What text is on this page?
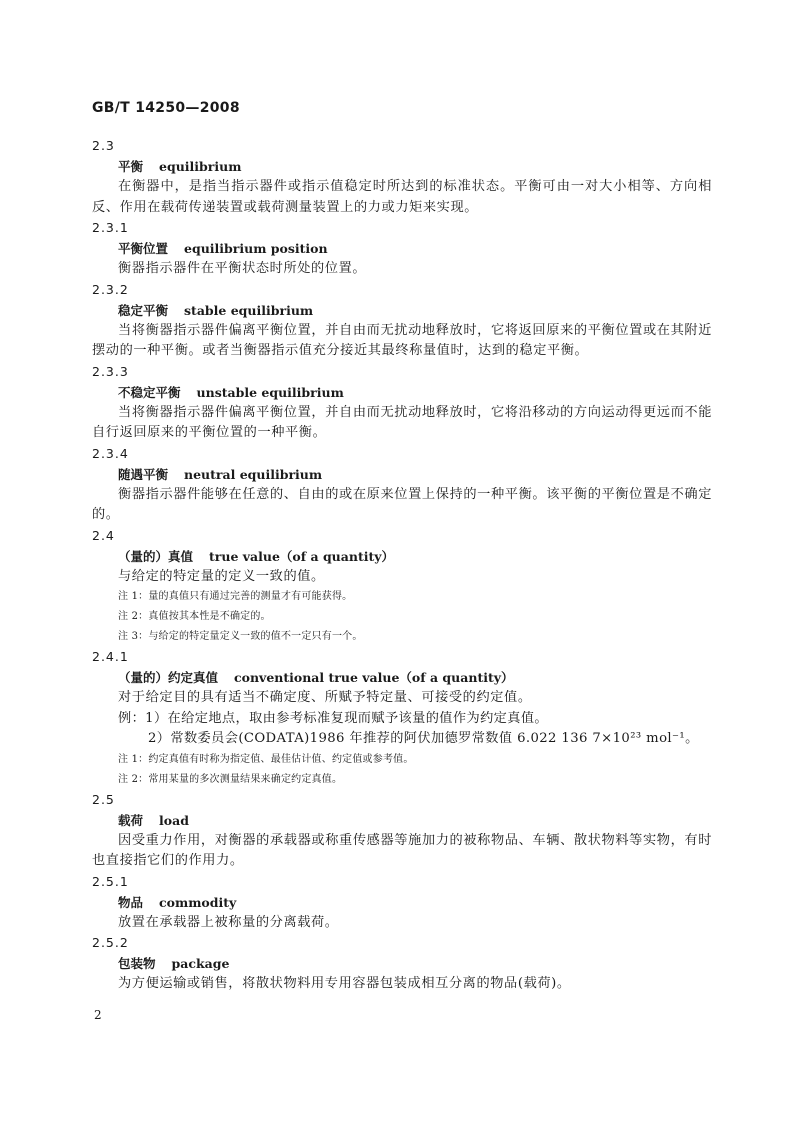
GB/T 14250—2008
2.3
平衡 equilibrium

在衡器中，是指当指示器件或指示值稳定时所达到的标准状态。平衡可由一对大小相等、方向相反、作用在载荷传递装置或载荷测量装置上的力或力矩来实现。

2.3.1
平衡位置 equilibrium position

衡器指示器件在平衡状态时所处的位置。

2.3.2
稳定平衡 stable equilibrium

当将衡器指示器件偏离平衡位置，并自由而无扰动地释放时，它将返回原来的平衡位置或在其附近摆动的一种平衡。或者当衡器指示值充分接近其最终称量值时，达到的稳定平衡。

2.3.3
不稳定平衡 unstable equilibrium

当将衡器指示器件偏离平衡位置，并自由而无扰动地释放时，它将沿移动的方向运动得更远而不能自行返回原来的平衡位置的一种平衡。

2.3.4
随遇平衡 neutral equilibrium

衡器指示器件能够在任意的、自由的或在原来位置上保持的一种平衡。该平衡的平衡位置是不确定的。

2.4
（量的）真值 true value（of a quantity）

与给定的特定量的定义一致的值。

注 1：量的真值只有通过完善的测量才有可能获得。
注 2：真值按其本性是不确定的。
注 3：与给定的特定量定义一致的值不一定只有一个。
2.4.1
（量的）约定真值 conventional true value（of a quantity）

对于给定目的具有适当不确定度、所赋予特定量、可接受的约定值。

例：1）在给定地点，取由参考标准复现而赋予该量的值作为约定真值。
2）常数委员会(CODATA)1986 年推荐的阿伏加德罗常数值 6.022 136 7×10²³ mol⁻¹。
注 1：约定真值有时称为指定值、最佳估计值、约定值或参考值。
注 2：常用某量的多次测量结果来确定约定真值。
2.5
载荷 load

因受重力作用，对衡器的承载器或称重传感器等施加力的被称物品、车辆、散状物料等实物，有时也直接指它们的作用力。

2.5.1
物品 commodity

放置在承载器上被称量的分离载荷。

2.5.2
包装物 package

为方便运输或销售，将散状物料用专用容器包装成相互分离的物品(载荷)。

2
